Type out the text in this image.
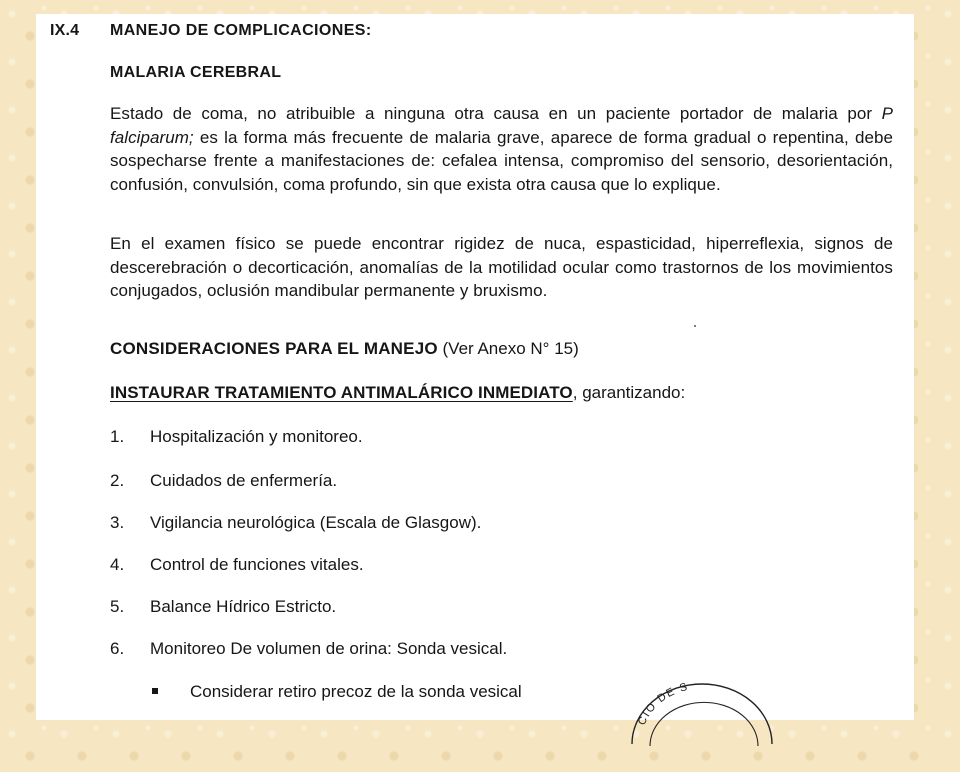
IX.4 MANEJO DE COMPLICACIONES:
MALARIA CEREBRAL

Estado de coma, no atribuible a ninguna otra causa en un paciente portador de malaria por P falciparum; es la forma más frecuente de malaria grave, aparece de forma gradual o repentina, debe sospecharse frente a manifestaciones de: cefalea intensa, compromiso del sensorio, desorientación, confusión, convulsión, coma profundo, sin que exista otra causa que lo explique.

En el examen físico se puede encontrar rigidez de nuca, espasticidad, hiperreflexia, signos de descerebración o decorticación, anomalías de la motilidad ocular como trastornos de los movimientos conjugados, oclusión mandibular permanente y bruxismo.

CONSIDERACIONES PARA EL MANEJO (Ver Anexo N° 15)
INSTAURAR TRATAMIENTO ANTIMALÁRICO INMEDIATO, garantizando:
1. Hospitalización y monitoreo.
2. Cuidados de enfermería.
3. Vigilancia neurológica (Escala de Glasgow).
4. Control de funciones vitales.
5. Balance Hídrico Estricto.
6. Monitoreo De volumen de orina: Sonda vesical.
Considerar retiro precoz de la sonda vesical
CIO DE S
